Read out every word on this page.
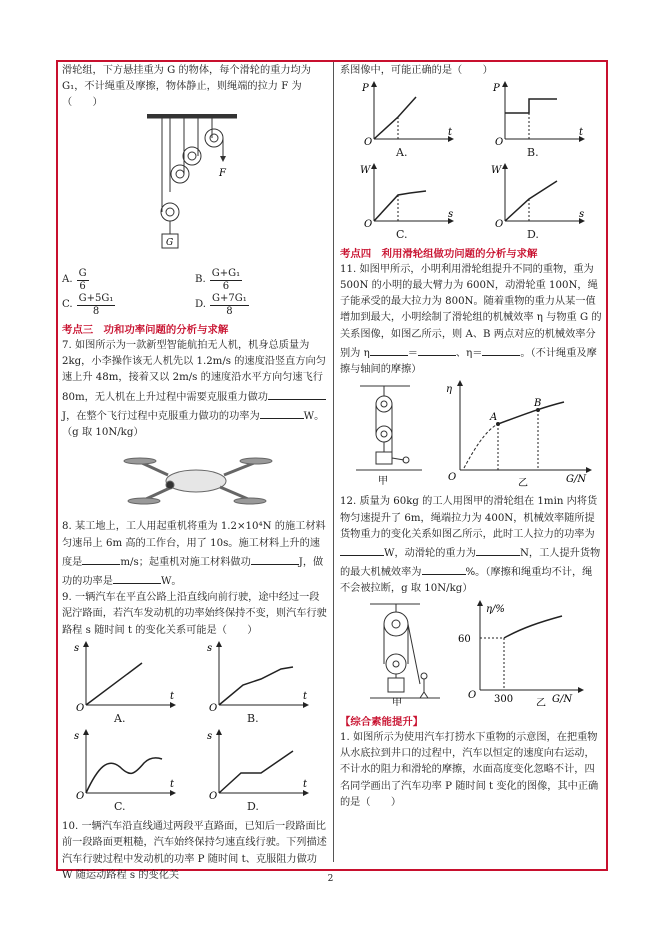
滑轮组，下方悬挂重为 G 的物体，每个滑轮的重力均为 G₁，不计绳重及摩擦，物体静止，则绳端的拉力 F 为（　　）

F
G
A. $\frac{G}{6}$	B. $\frac{\text{G+G₁}}{6}$
C. $\frac{\text{G+5G₁}}{8}$	D. $\frac{\text{G+7G₁}}{8}$

考点三　功和功率问题的分析与求解

7. 如图所示为一款新型智能航拍无人机，机身总质量为 2kg，小李操作该无人机先以 1.2m/s 的速度沿竖直方向匀速上升 48m，接着又以 2m/s 的速度沿水平方向匀速飞行 80m，无人机在上升过程中需要克服重力做功J，在整个飞行过程中克服重力做功的功率为	W。（g 取 10N/kg）

8. 某工地上，工人用起重机将重为 1.2×10⁴N 的施工材料匀速吊上 6m 高的工作台，用了 10s。施工材料上升的速度是	m/s；起重机对施工材料做功	J，做功的功率是	W。

9. 一辆汽车在平直公路上沿直线向前行驶，途中经过一段泥泞路面，若汽车发动机的功率始终保持不变，则汽车行驶路程 s 随时间 t 的变化关系可能是（　　）

s
t
O
A.
s
t
O
B.
s
t
O
C.
s
t
O
D.

10. 一辆汽车沿直线通过两段平直路面，已知后一段路面比前一段路面更粗糙，汽车始终保持匀速直线行驶。下列描述汽车行驶过程中发动机的功率 P 随时间 t、克服阻力做功 W 随运动路程 s 的变化关

系图像中，可能正确的是（　　）

P
t
O
A.
P
t
O
B.
W
s
O
C.
W
s
O
D.

考点四　利用滑轮组做功问题的分析与求解

11. 如图甲所示，小明利用滑轮组提升不同的重物，重为 500N 的小明的最大臂力为 600N，动滑轮重 100N，绳子能承受的最大拉力为 800N。随着重物的重力从某一值增加到最大，小明绘制了滑轮组的机械效率 η 与物重 G 的关系图像，如图乙所示，则 A、B 两点对应的机械效率分别为 η	＝	、η＝	。（不计绳重及摩擦与轴间的摩擦）

甲
η
A
B
O	G/N
乙

12. 质量为 60kg 的工人用图甲的滑轮组在 1min 内将货物匀速提升了 6m，绳端拉力为 400N，机械效率随所提货物重力的变化关系如图乙所示，此时工人拉力的功率为W，动滑轮的重力为	N，工人提升货物的最大机械效率为	%。（摩擦和绳重均不计，绳不会被拉断，g 取 10N/kg）

甲
η/%
60
300
O	G/N
乙

【综合素能提升】

1. 如图所示为使用汽车打捞水下重物的示意图，在把重物从水底拉到井口的过程中，汽车以恒定的速度向右运动，不计水的阻力和滑轮的摩擦，水面高度变化忽略不计，四名同学画出了汽车功率 P 随时间 t 变化的图像，其中正确的是（　　）

2
